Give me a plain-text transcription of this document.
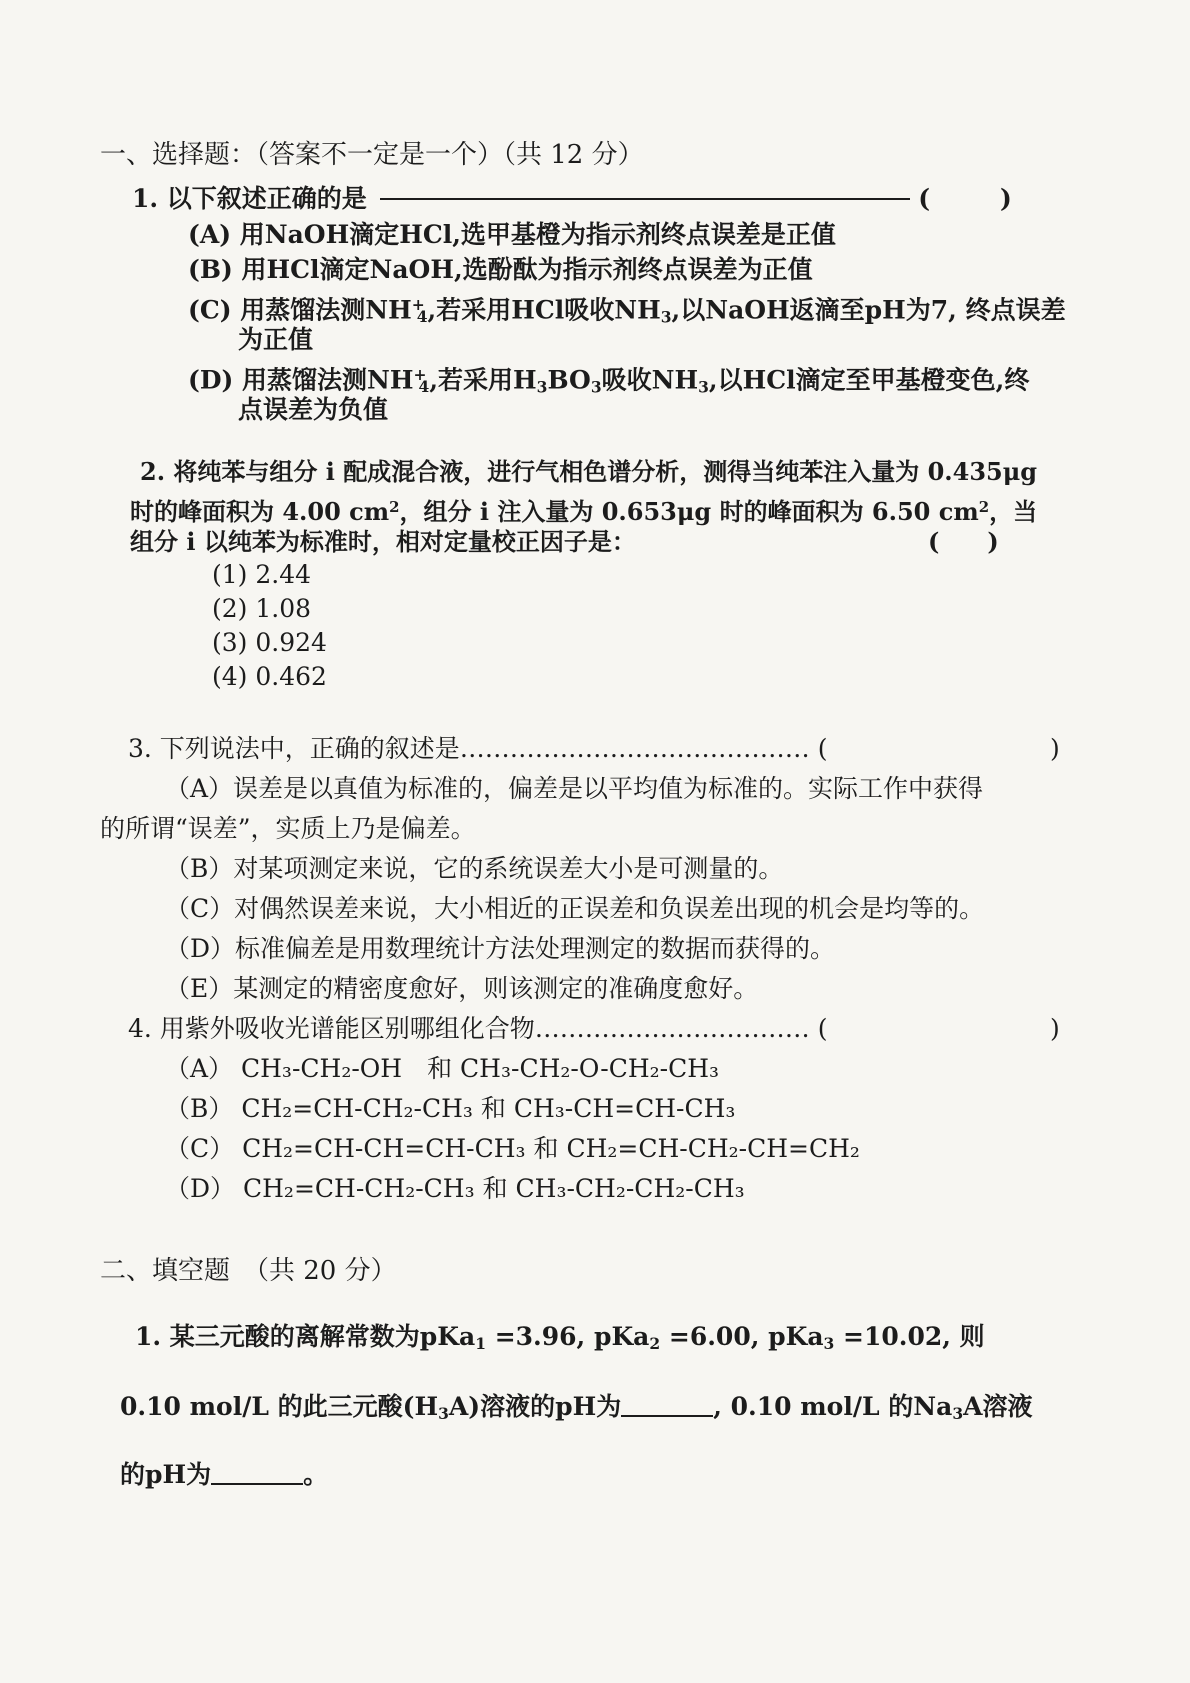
一、选择题：（答案不一定是一个）（共 12 分）
1. 以下叙述正确的是	(	)
(A) 用NaOH滴定HCl,选甲基橙为指示剂终点误差是正值
(B) 用HCl滴定NaOH,选酚酞为指示剂终点误差为正值
(C) 用蒸馏法测$NH^+_4$,若采用HCl吸收$NH_3$,以NaOH返滴至pH为7, 终点误差
为正值
(D) 用蒸馏法测$NH^+_4$,若采用$H_3BO_3$吸收$NH_3$,以HCl滴定至甲基橙变色,终
点误差为负值
2. 将纯苯与组分 i 配成混合液，进行气相色谱分析，测得当纯苯注入量为 0.435μg
时的峰面积为 4.00 $cm^2$，组分 i 注入量为 0.653μg 时的峰面积为 6.50 $cm^2$，当
组分 i 以纯苯为标准时，相对定量校正因子是：	(　　)
(1) 2.44
(2) 1.08
(3) 0.924
(4) 0.462
3. 下列说法中，正确的叙述是…………………………………… (	)
（A）误差是以真值为标准的，偏差是以平均值为标准的。实际工作中获得
的所谓“误差”，实质上乃是偏差。
（B）对某项测定来说，它的系统误差大小是可测量的。
（C）对偶然误差来说，大小相近的正误差和负误差出现的机会是均等的。
（D）标准偏差是用数理统计方法处理测定的数据而获得的。
（E）某测定的精密度愈好，则该测定的准确度愈好。
4. 用紫外吸收光谱能区别哪组化合物…………………………… (	)
（A） CH₃-CH₂-OH　和 CH₃-CH₂-O-CH₂-CH₃
（B） CH₂=CH-CH₂-CH₃ 和 CH₃-CH=CH-CH₃
（C） CH₂=CH-CH=CH-CH₃ 和 CH₂=CH-CH₂-CH=CH₂
（D） CH₂=CH-CH₂-CH₃ 和 CH₃-CH₂-CH₂-CH₃
二、填空题　（共 20 分）
1. 某三元酸的离解常数为pKa$_1$ =3.96, pKa$_2$ =6.00, pKa$_3$ =10.02, 则
0.10 mol/L 的此三元酸$(H_3A)$溶液的pH为	, 0.10 mol/L 的$Na_3A$溶液
的pH为	。
